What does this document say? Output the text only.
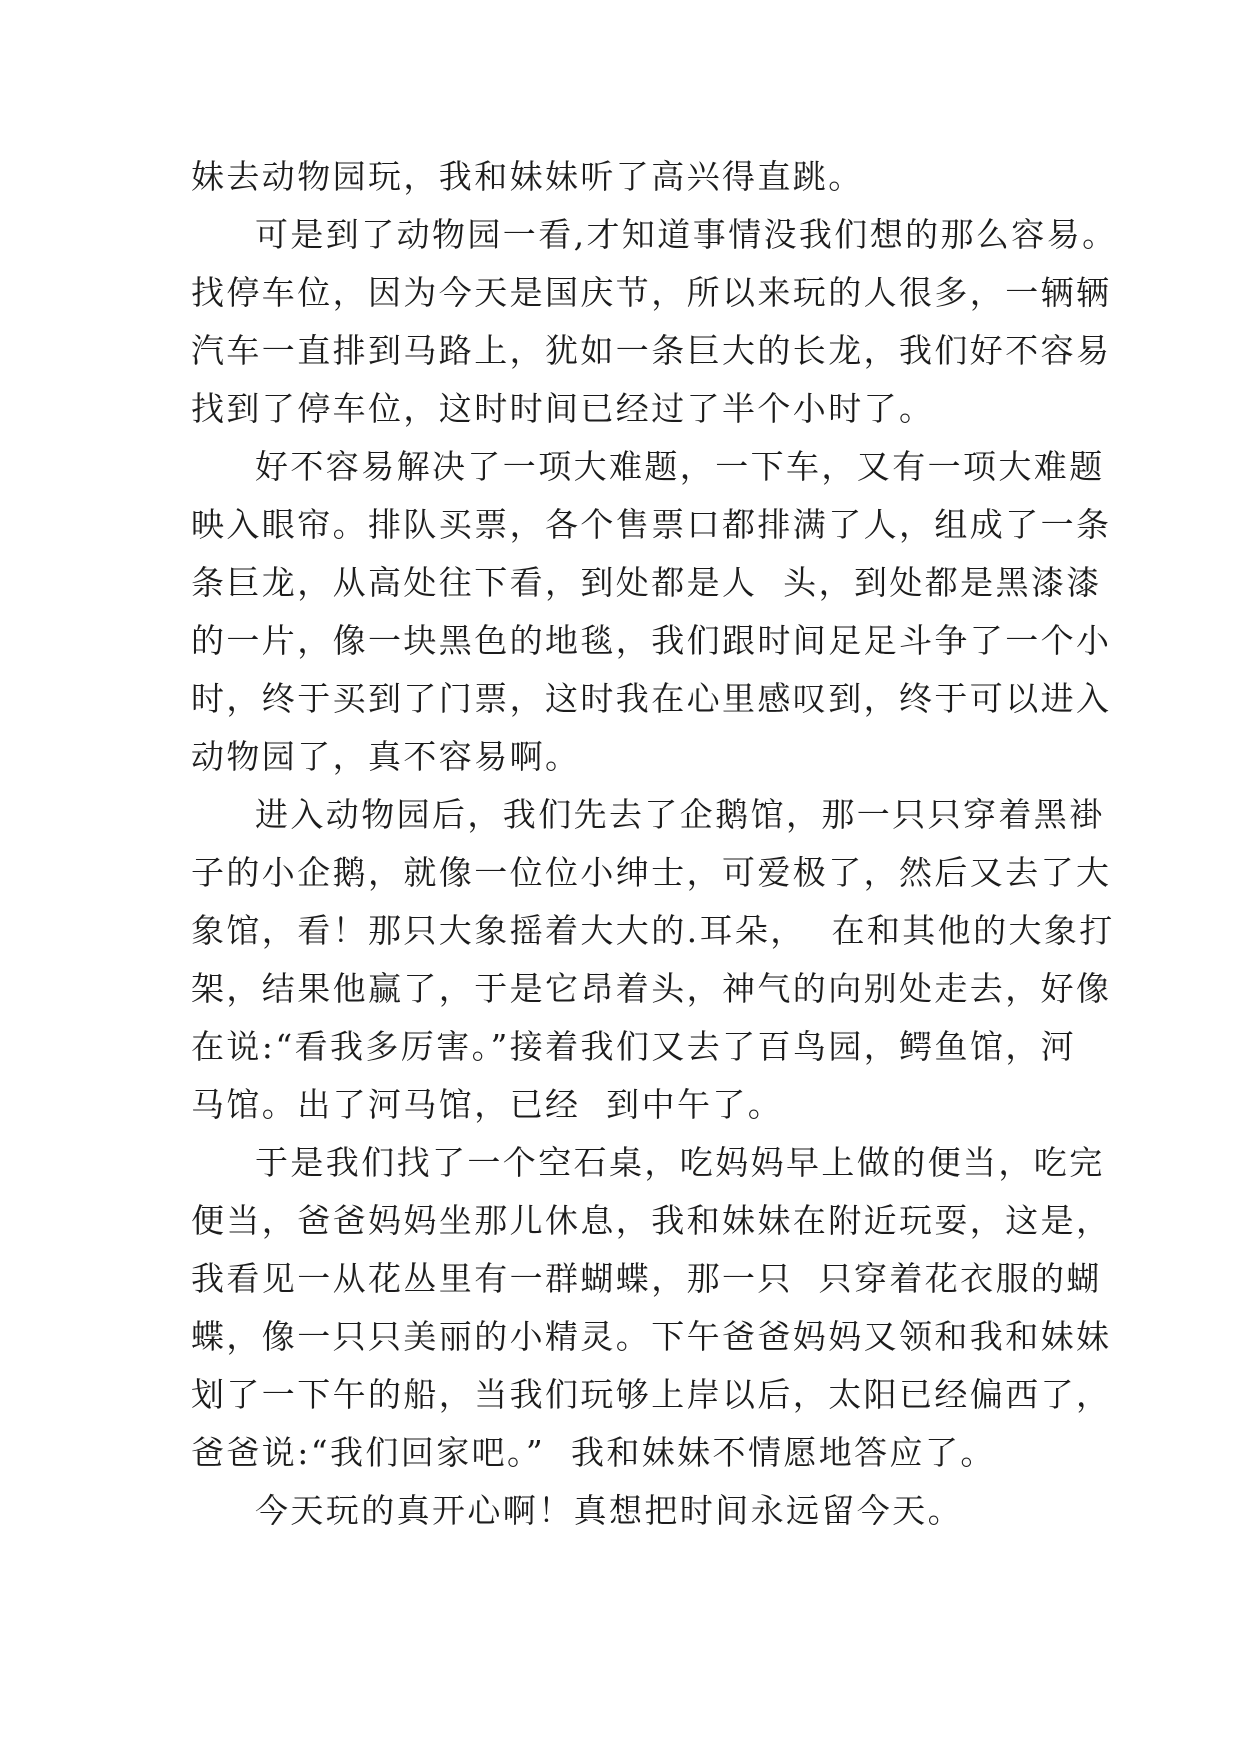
妹去动物园玩，我和妹妹听了高兴得直跳。
可是到了动物园一看,才知道事情没我们想的那么容易。
找停车位，因为今天是国庆节，所以来玩的人很多，一辆辆
汽车一直排到马路上，犹如一条巨大的长龙，我们好不容易
找到了停车位，这时时间已经过了半个小时了。
好不容易解决了一项大难题，一下车，又有一项大难题
映入眼帘。排队买票，各个售票口都排满了人，组成了一条
条巨龙，从高处往下看，到处都是人  头，到处都是黑漆漆
的一片，像一块黑色的地毯，我们跟时间足足斗争了一个小
时，终于买到了门票，这时我在心里感叹到，终于可以进入
动物园了，真不容易啊。
进入动物园后，我们先去了企鹅馆，那一只只穿着黑褂
子的小企鹅，就像一位位小绅士，可爱极了，然后又去了大
象馆，看！那只大象摇着大大的.耳朵，  在和其他的大象打
架，结果他赢了，于是它昂着头，神气的向别处走去，好像
在说:“看我多厉害。”接着我们又去了百鸟园，鳄鱼馆，河
马馆。出了河马馆，已经  到中午了。
于是我们找了一个空石桌，吃妈妈早上做的便当，吃完
便当，爸爸妈妈坐那儿休息，我和妹妹在附近玩耍，这是，
我看见一从花丛里有一群蝴蝶，那一只  只穿着花衣服的蝴
蝶，像一只只美丽的小精灵。下午爸爸妈妈又领和我和妹妹
划了一下午的船，当我们玩够上岸以后，太阳已经偏西了，
爸爸说:“我们回家吧。”  我和妹妹不情愿地答应了。
今天玩的真开心啊！真想把时间永远留今天。
